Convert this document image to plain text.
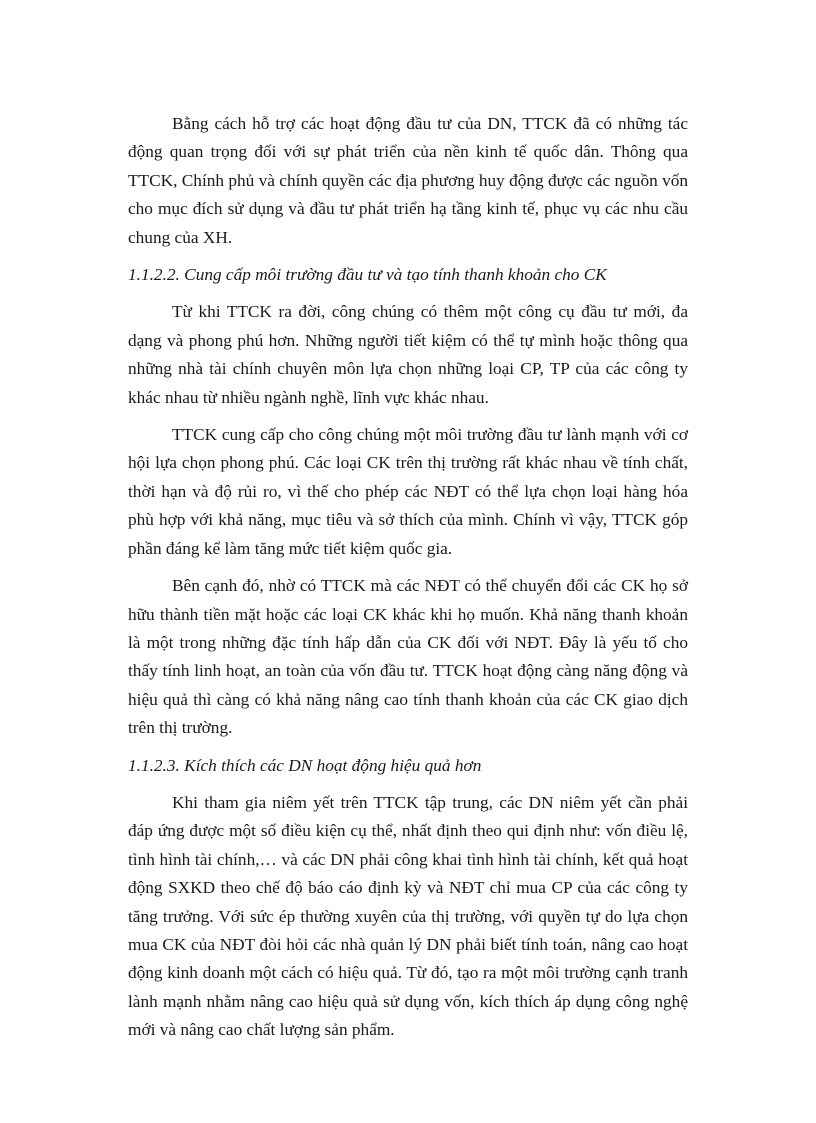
Bằng cách hỗ trợ các hoạt động đầu tư của DN, TTCK đã có những tác động quan trọng đối với sự phát triển của nền kinh tế quốc dân. Thông qua TTCK, Chính phủ và chính quyền các địa phương huy động được các nguồn vốn cho mục đích sử dụng và đầu tư phát triển hạ tầng kinh tế, phục vụ các nhu cầu chung của XH.

1.1.2.2. Cung cấp môi trường đầu tư và tạo tính thanh khoản cho CK

Từ khi TTCK ra đời, công chúng có thêm một công cụ đầu tư mới, đa dạng và phong phú hơn. Những người tiết kiệm có thể tự mình hoặc thông qua những nhà tài chính chuyên môn lựa chọn những loại CP, TP của các công ty khác nhau từ nhiều ngành nghề, lĩnh vực khác nhau.

TTCK cung cấp cho công chúng một môi trường đầu tư lành mạnh với cơ hội lựa chọn phong phú. Các loại CK trên thị trường rất khác nhau về tính chất, thời hạn và độ rủi ro, vì thế cho phép các NĐT có thể lựa chọn loại hàng hóa phù hợp với khả năng, mục tiêu và sở thích của mình. Chính vì vậy, TTCK góp phần đáng kể làm tăng mức tiết kiệm quốc gia.

Bên cạnh đó, nhờ có TTCK mà các NĐT có thể chuyển đổi các CK họ sở hữu thành tiền mặt hoặc các loại CK khác khi họ muốn. Khả năng thanh khoản là một trong những đặc tính hấp dẫn của CK đối với NĐT. Đây là yếu tố cho thấy tính linh hoạt, an toàn của vốn đầu tư. TTCK hoạt động càng năng động và hiệu quả thì càng có khả năng nâng cao tính thanh khoản của các CK giao dịch trên thị trường.

1.1.2.3. Kích thích các DN hoạt động hiệu quả hơn

Khi tham gia niêm yết trên TTCK tập trung, các DN niêm yết cần phải đáp ứng được một số điều kiện cụ thể, nhất định theo qui định như: vốn điều lệ, tình hình tài chính,… và các DN phải công khai tình hình tài chính, kết quả hoạt động SXKD theo chế độ báo cáo định kỳ và NĐT chỉ mua CP của các công ty tăng trưởng. Với sức ép thường xuyên của thị trường, với quyền tự do lựa chọn mua CK của NĐT đòi hỏi các nhà quản lý DN phải biết tính toán, nâng cao hoạt động kinh doanh một cách có hiệu quả. Từ đó, tạo ra một môi trường cạnh tranh lành mạnh nhằm nâng cao hiệu quả sử dụng vốn, kích thích áp dụng công nghệ mới và nâng cao chất lượng sản phẩm.
